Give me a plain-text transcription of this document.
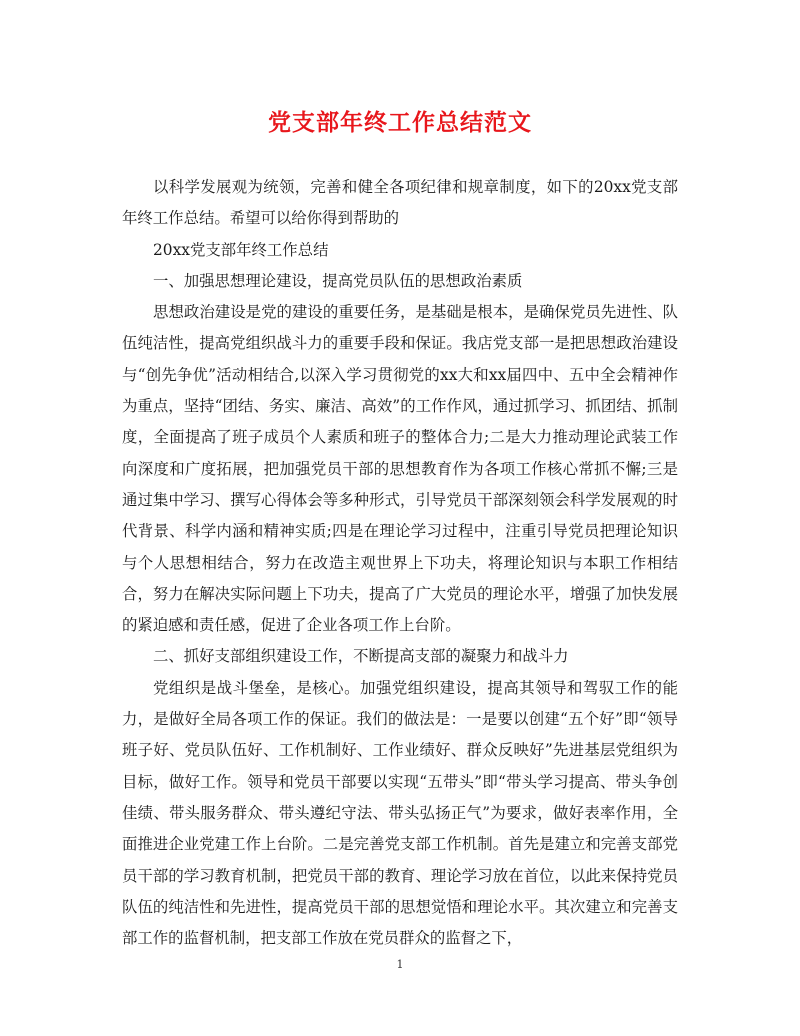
党支部年终工作总结范文

以科学发展观为统领，完善和健全各项纪律和规章制度，如下的20xx党支部年终工作总结。希望可以给你得到帮助的

20xx党支部年终工作总结

一、加强思想理论建设，提高党员队伍的思想政治素质

思想政治建设是党的建设的重要任务，是基础是根本，是确保党员先进性、队伍纯洁性，提高党组织战斗力的重要手段和保证。我店党支部一是把思想政治建设与“创先争优”活动相结合,以深入学习贯彻党的xx大和xx届四中、五中全会精神作为重点，坚持“团结、务实、廉洁、高效”的工作作风，通过抓学习、抓团结、抓制度，全面提高了班子成员个人素质和班子的整体合力;二是大力推动理论武装工作向深度和广度拓展，把加强党员干部的思想教育作为各项工作核心常抓不懈;三是通过集中学习、撰写心得体会等多种形式，引导党员干部深刻领会科学发展观的时代背景、科学内涵和精神实质;四是在理论学习过程中，注重引导党员把理论知识与个人思想相结合，努力在改造主观世界上下功夫，将理论知识与本职工作相结合，努力在解决实际问题上下功夫，提高了广大党员的理论水平，增强了加快发展的紧迫感和责任感，促进了企业各项工作上台阶。

二、抓好支部组织建设工作，不断提高支部的凝聚力和战斗力

党组织是战斗堡垒，是核心。加强党组织建设，提高其领导和驾驭工作的能力，是做好全局各项工作的保证。我们的做法是：一是要以创建“五个好”即“领导班子好、党员队伍好、工作机制好、工作业绩好、群众反映好”先进基层党组织为目标，做好工作。领导和党员干部要以实现“五带头”即“带头学习提高、带头争创佳绩、带头服务群众、带头遵纪守法、带头弘扬正气”为要求，做好表率作用，全面推进企业党建工作上台阶。二是完善党支部工作机制。首先是建立和完善支部党员干部的学习教育机制，把党员干部的教育、理论学习放在首位，以此来保持党员队伍的纯洁性和先进性，提高党员干部的思想觉悟和理论水平。其次建立和完善支部工作的监督机制，把支部工作放在党员群众的监督之下，

1
